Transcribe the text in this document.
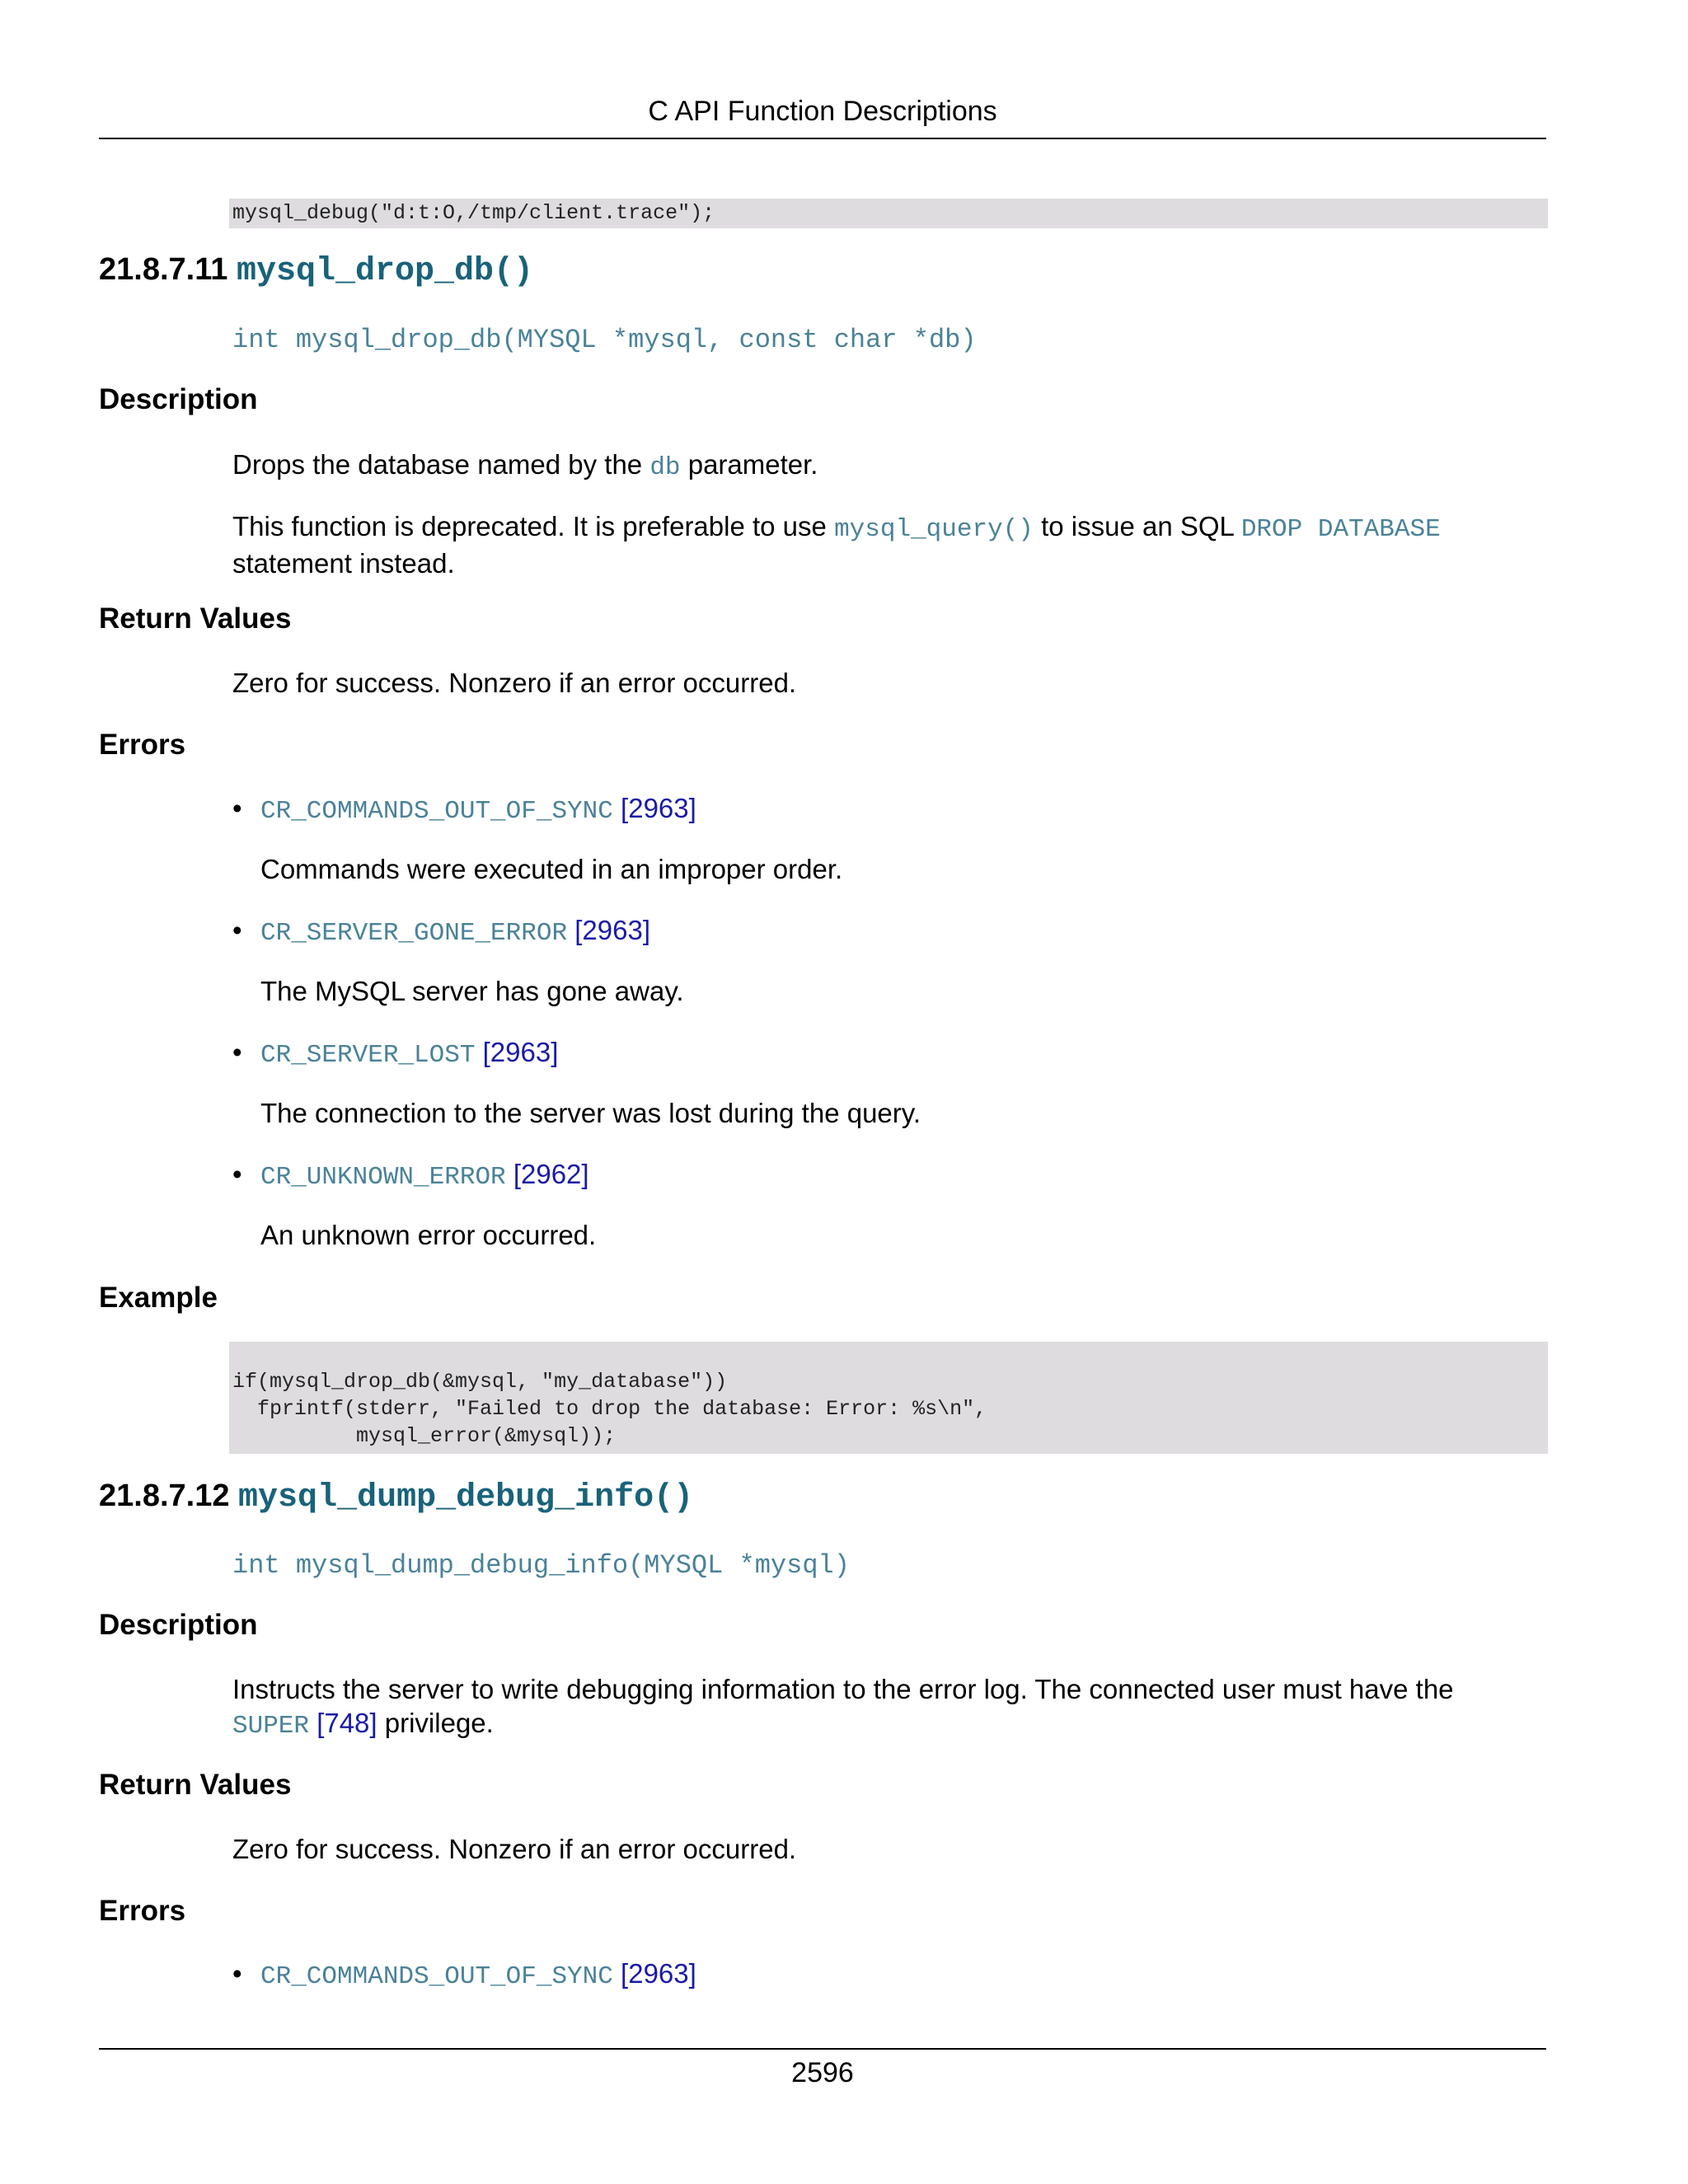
C API Function Descriptions
mysql_debug("d:t:O,/tmp/client.trace");
21.8.7.11 mysql_drop_db()
int mysql_drop_db(MYSQL *mysql, const char *db)
Description
Drops the database named by the db parameter.
This function is deprecated. It is preferable to use mysql_query() to issue an SQL DROP DATABASE
statement instead.
Return Values
Zero for success. Nonzero if an error occurred.
Errors
• CR_COMMANDS_OUT_OF_SYNC [2963]
Commands were executed in an improper order.
• CR_SERVER_GONE_ERROR [2963]
The MySQL server has gone away.
• CR_SERVER_LOST [2963]
The connection to the server was lost during the query.
• CR_UNKNOWN_ERROR [2962]
An unknown error occurred.
Example
if(mysql_drop_db(&mysql, "my_database"))
fprintf(stderr, "Failed to drop the database: Error: %s\n",
mysql_error(&mysql));
21.8.7.12 mysql_dump_debug_info()
int mysql_dump_debug_info(MYSQL *mysql)
Description
Instructs the server to write debugging information to the error log. The connected user must have the
SUPER [748] privilege.
Return Values
Zero for success. Nonzero if an error occurred.
Errors
• CR_COMMANDS_OUT_OF_SYNC [2963]
2596
